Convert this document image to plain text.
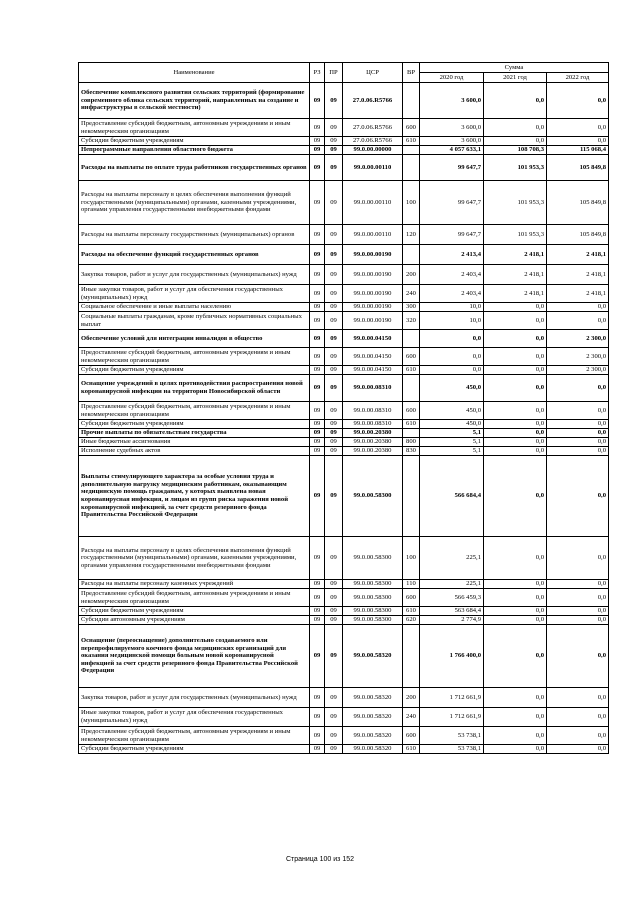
Наименование	РЗ	ПР	ЦСР	ВР	Сумма		
					2020 год	2021 год	2022 год
Обеспечение комплексного развития сельских территорий (формирование современного облика сельских территорий, направленных на создание и инфраструктуры в сельской местности)	09	09	27.0.06.R5766		3 600,0	0,0	0,0
Предоставление субсидий бюджетным, автономным учреждениям и иным некоммерческим организациям	09	09	27.0.06.R5766	600	3 600,0	0,0	0,0
Субсидии бюджетным учреждениям	09	09	27.0.06.R5766	610	3 600,0	0,0	0,0
Непрограммные направления областного бюджета	09	09	99.0.00.00000		4 057 633,1	108 708,3	115 068,4
Расходы на выплаты по оплате труда работников государственных органов	09	09	99.0.00.00110		99 647,7	101 953,3	105 849,8
Расходы на выплаты персоналу в целях обеспечения выполнения функций государственными (муниципальными) органами, казенными учреждениями, органами управления государственными внебюджетными фондами	09	09	99.0.00.00110	100	99 647,7	101 953,3	105 849,8
Расходы на выплаты персоналу государственных (муниципальных) органов	09	09	99.0.00.00110	120	99 647,7	101 953,3	105 849,8
Расходы на обеспечение функций государственных органов	09	09	99.0.00.00190		2 413,4	2 418,1	2 418,1
Закупка товаров, работ и услуг для государственных (муниципальных) нужд	09	09	99.0.00.00190	200	2 403,4	2 418,1	2 418,1
Иные закупки товаров, работ и услуг для обеспечения государственных (муниципальных) нужд	09	09	99.0.00.00190	240	2 403,4	2 418,1	2 418,1
Социальное обеспечение и иные выплаты населению	09	09	99.0.00.00190	300	10,0	0,0	0,0
Социальные выплаты гражданам, кроме публичных нормативных социальных выплат	09	09	99.0.00.00190	320	10,0	0,0	0,0
Обеспечение условий для интеграции инвалидов в общество	09	09	99.0.00.04150		0,0	0,0	2 300,0
Предоставление субсидий бюджетным, автономным учреждениям и иным некоммерческим организациям	09	09	99.0.00.04150	600	0,0	0,0	2 300,0
Субсидии бюджетным учреждениям	09	09	99.0.00.04150	610	0,0	0,0	2 300,0
Оснащение учреждений в целях противодействия распространения новой коронавирусной инфекции на территории Новосибирской области	09	09	99.0.00.08310		450,0	0,0	0,0
Предоставление субсидий бюджетным, автономным учреждениям и иным некоммерческим организациям	09	09	99.0.00.08310	600	450,0	0,0	0,0
Субсидии бюджетным учреждениям	09	09	99.0.00.08310	610	450,0	0,0	0,0
Прочие выплаты по обязательствам государства	09	09	99.0.00.20380		5,1	0,0	0,0
Иные бюджетные ассигнования	09	09	99.0.00.20380	800	5,1	0,0	0,0
Исполнение судебных актов	09	09	99.0.00.20380	830	5,1	0,0	0,0
Выплаты стимулирующего характера за особые условия труда и дополнительную нагрузку медицинским работникам, оказывающим медицинскую помощь гражданам, у которых выявлена новая коронавирусная инфекция, и лицам из групп риска заражения новой коронавирусной инфекцией, за счет средств резервного фонда Правительства Российской Федерации	09	09	99.0.00.58300		566 684,4	0,0	0,0
Расходы на выплаты персоналу в целях обеспечения выполнения функций государственными (муниципальными) органами, казенными учреждениями, органами управления государственными внебюджетными фондами	09	09	99.0.00.58300	100	225,1	0,0	0,0
Расходы на выплаты персоналу казенных учреждений	09	09	99.0.00.58300	110	225,1	0,0	0,0
Предоставление субсидий бюджетным, автономным учреждениям и иным некоммерческим организациям	09	09	99.0.00.58300	600	566 459,3	0,0	0,0
Субсидии бюджетным учреждениям	09	09	99.0.00.58300	610	563 684,4	0,0	0,0
Субсидии автономным учреждениям	09	09	99.0.00.58300	620	2 774,9	0,0	0,0
Оснащение (переоснащение) дополнительно создаваемого или перепрофилируемого коечного фонда медицинских организаций для оказания медицинской помощи больным новой коронавирусной инфекцией за счет средств резервного фонда Правительства Российской Федерации	09	09	99.0.00.58320		1 766 400,0	0,0	0,0
Закупка товаров, работ и услуг для государственных (муниципальных) нужд	09	09	99.0.00.58320	200	1 712 661,9	0,0	0,0
Иные закупки товаров, работ и услуг для обеспечения государственных (муниципальных) нужд	09	09	99.0.00.58320	240	1 712 661,9	0,0	0,0
Предоставление субсидий бюджетным, автономным учреждениям и иным некоммерческим организациям	09	09	99.0.00.58320	600	53 738,1	0,0	0,0
Субсидии бюджетным учреждениям	09	09	99.0.00.58320	610	53 738,1	0,0	0,0
Страница 100 из 152
